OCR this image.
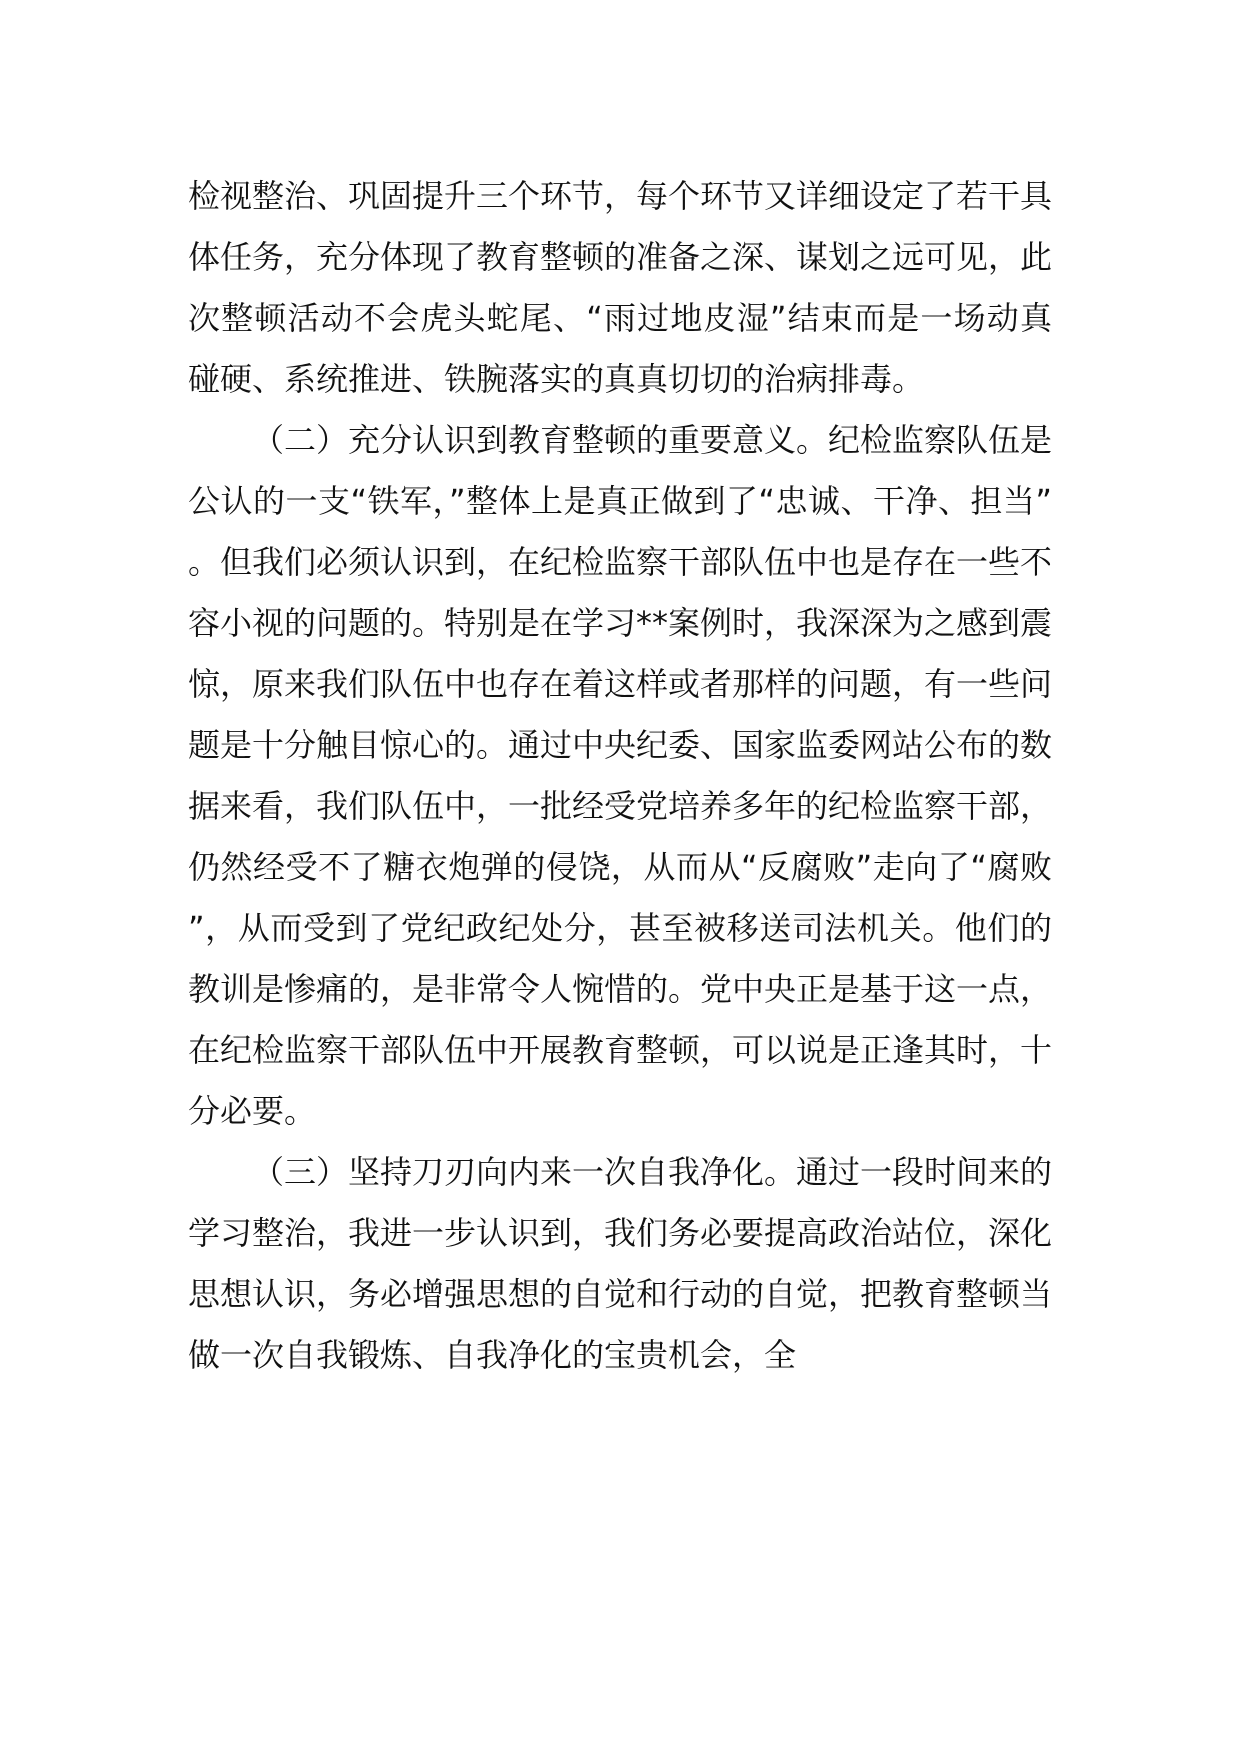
检视整治、巩固提升三个环节，每个环节又详细设定了若干具体任务，充分体现了教育整顿的准备之深、谋划之远可见，此次整顿活动不会虎头蛇尾、“雨过地皮湿”结束而是一场动真碰硬、系统推进、铁腕落实的真真切切的治病排毒。

（二）充分认识到教育整顿的重要意义。纪检监察队伍是公认的一支“铁军，”整体上是真正做到了“忠诚、干净、担当”。但我们必须认识到，在纪检监察干部队伍中也是存在一些不容小视的问题的。特别是在学习**案例时，我深深为之感到震惊，原来我们队伍中也存在着这样或者那样的问题，有一些问题是十分触目惊心的。通过中央纪委、国家监委网站公布的数据来看，我们队伍中，一批经受党培养多年的纪检监察干部，仍然经受不了糖衣炮弹的侵饶，从而从“反腐败”走向了“腐败”，从而受到了党纪政纪处分，甚至被移送司法机关。他们的教训是惨痛的，是非常令人惋惜的。党中央正是基于这一点，在纪检监察干部队伍中开展教育整顿，可以说是正逢其时，十分必要。

（三）坚持刀刃向内来一次自我净化。通过一段时间来的学习整治，我进一步认识到，我们务必要提高政治站位，深化思想认识，务必增强思想的自觉和行动的自觉，把教育整顿当做一次自我锻炼、自我净化的宝贵机会，全
